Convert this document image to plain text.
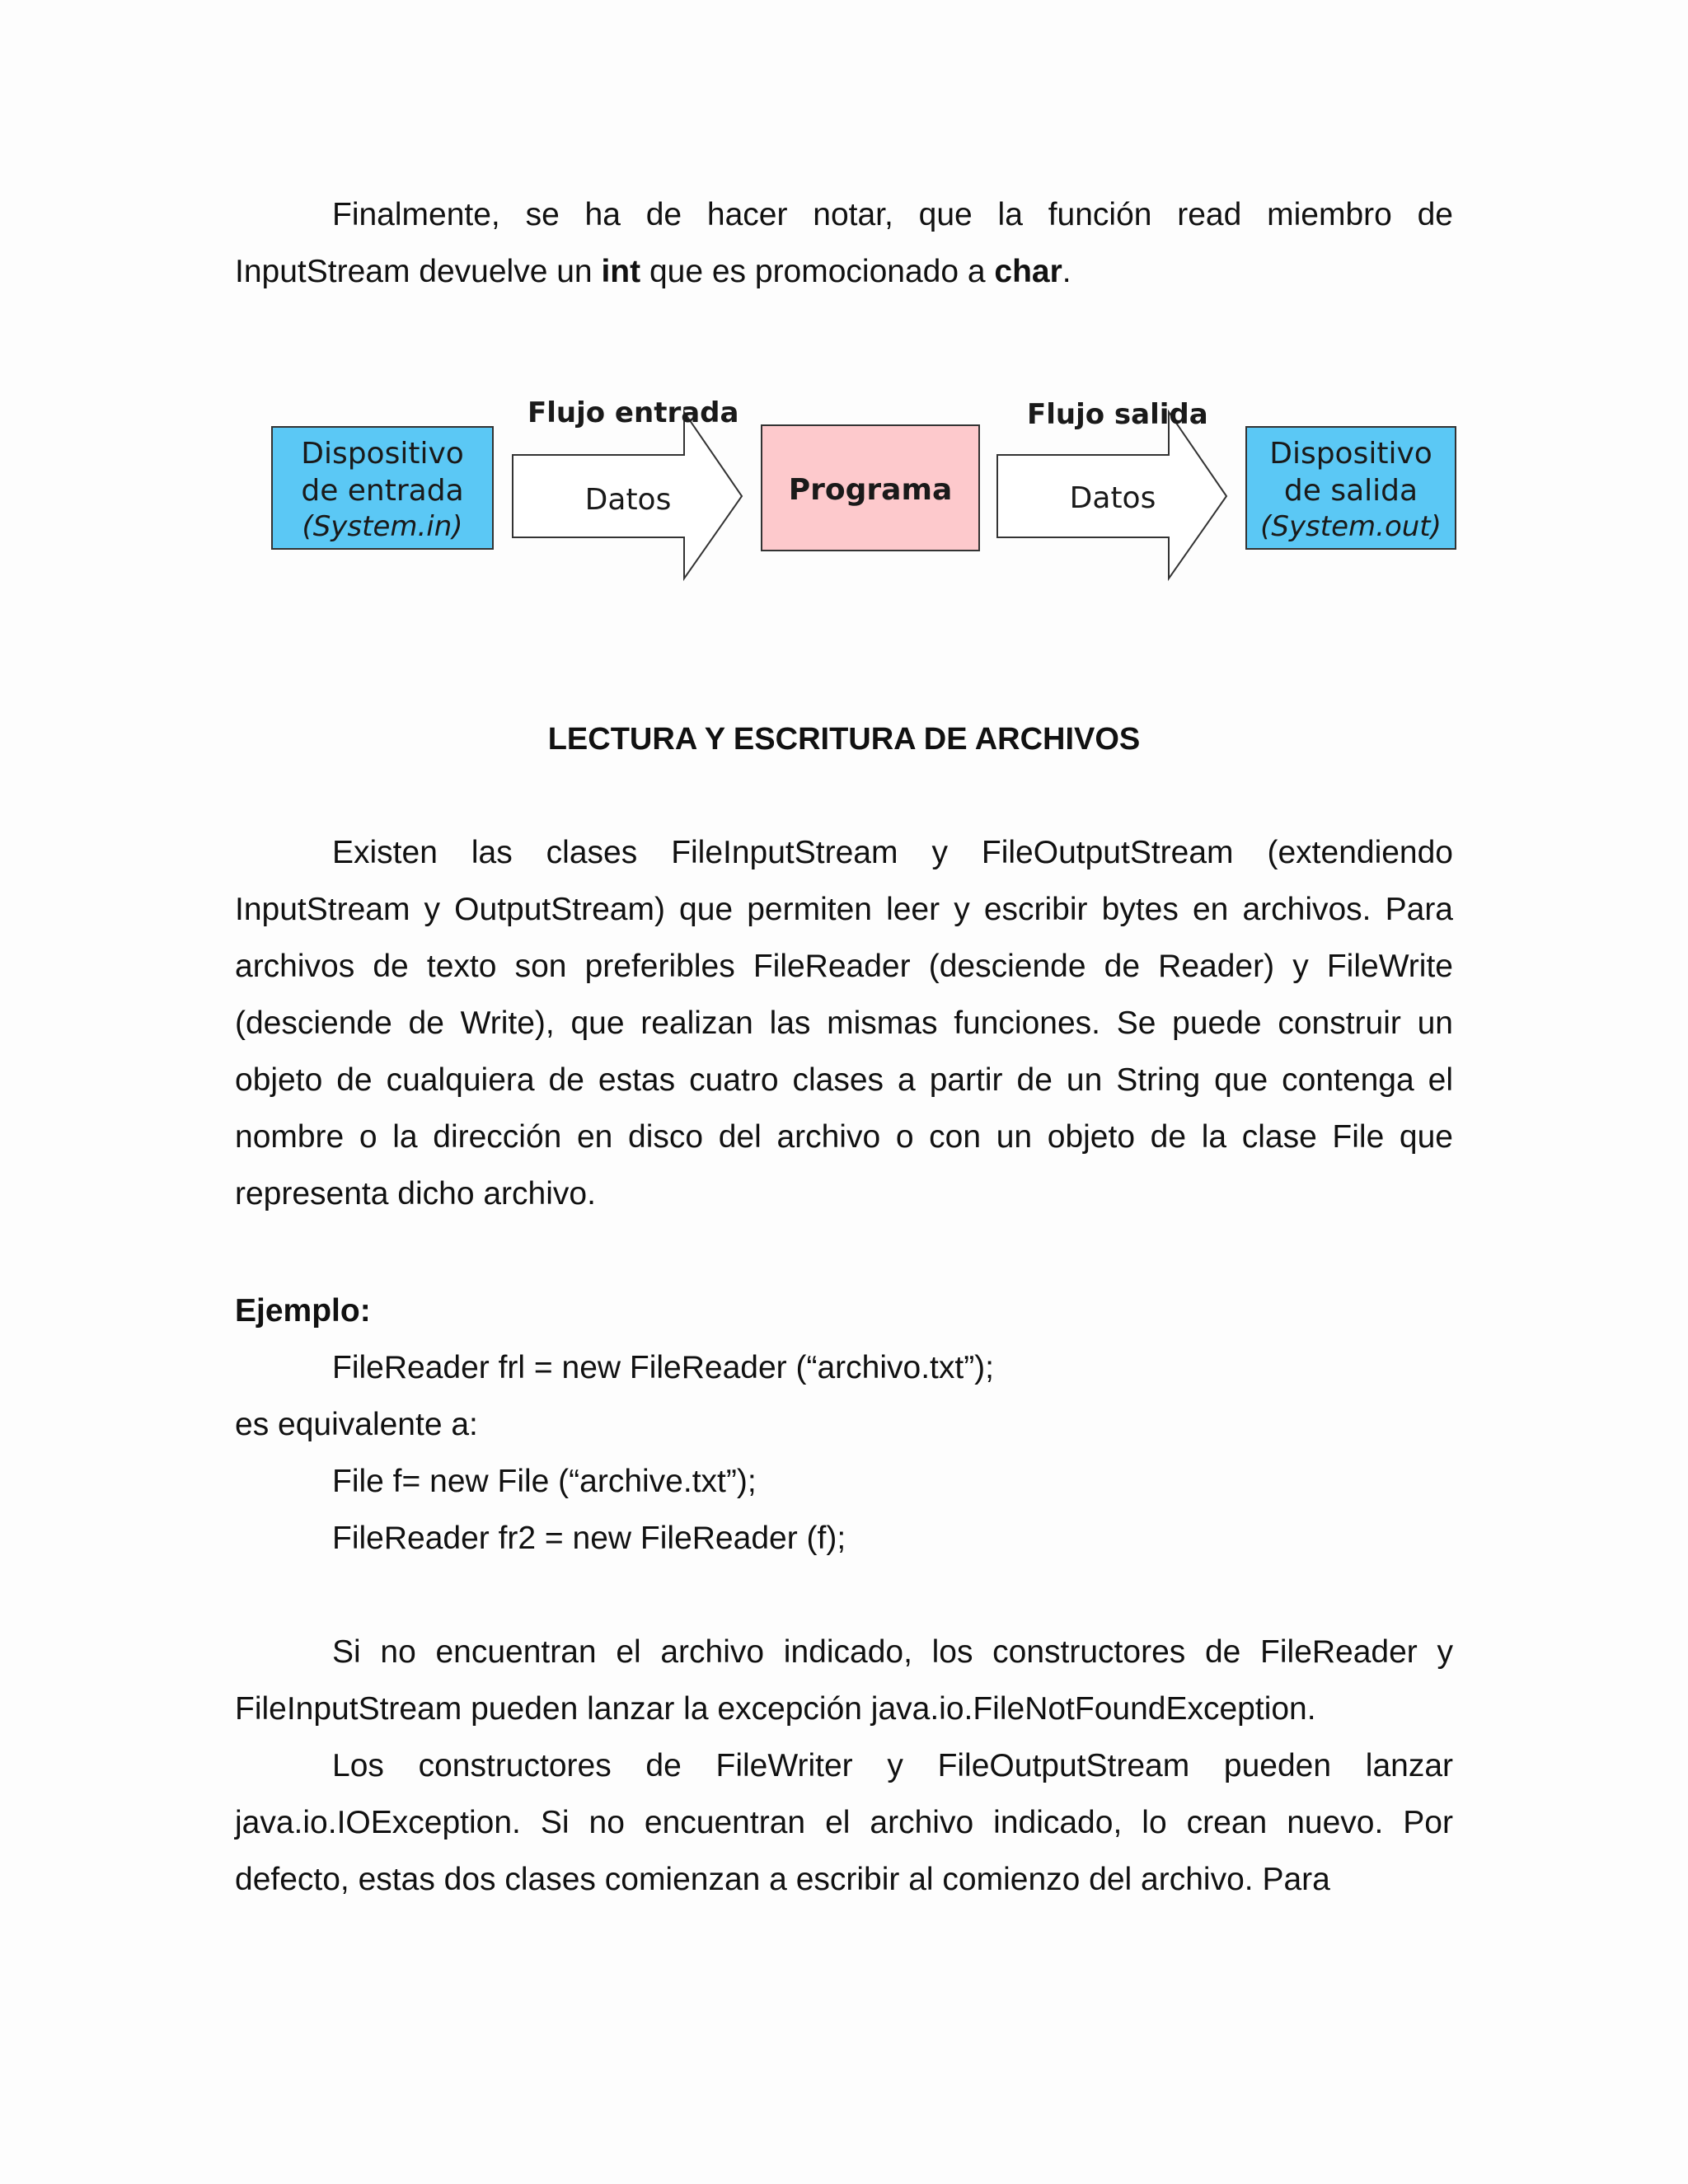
Finalmente, se ha de hacer notar, que la función read miembro de InputStream devuelve un int que es promocionado a char.

Dispositivo
de entrada
(System.in)
Flujo entrada
Datos	Programa
Flujo salida
Datos
Dispositivo
de salida
(System.out)
LECTURA Y ESCRITURA DE ARCHIVOS

Existen las clases FileInputStream y FileOutputStream (extendiendo InputStream y OutputStream) que permiten leer y escribir bytes en archivos. Para archivos de texto son preferibles FileReader (desciende de Reader) y FileWrite (desciende de Write), que realizan las mismas funciones. Se puede construir un objeto de cualquiera de estas cuatro clases a partir de un String que contenga el nombre o la dirección en disco del archivo o con un objeto de la clase File que representa dicho archivo.

Ejemplo:

FileReader frl = new FileReader (“archivo.txt”);

es equivalente a:

File f= new File (“archive.txt”);

FileReader fr2 = new FileReader (f);

Si no encuentran el archivo indicado, los constructores de FileReader y FileInputStream pueden lanzar la excepción java.io.FileNotFoundException.

Los constructores de FileWriter y FileOutputStream pueden lanzar java.io.IOException. Si no encuentran el archivo indicado, lo crean nuevo. Por defecto, estas dos clases comienzan a escribir al comienzo del archivo. Para
